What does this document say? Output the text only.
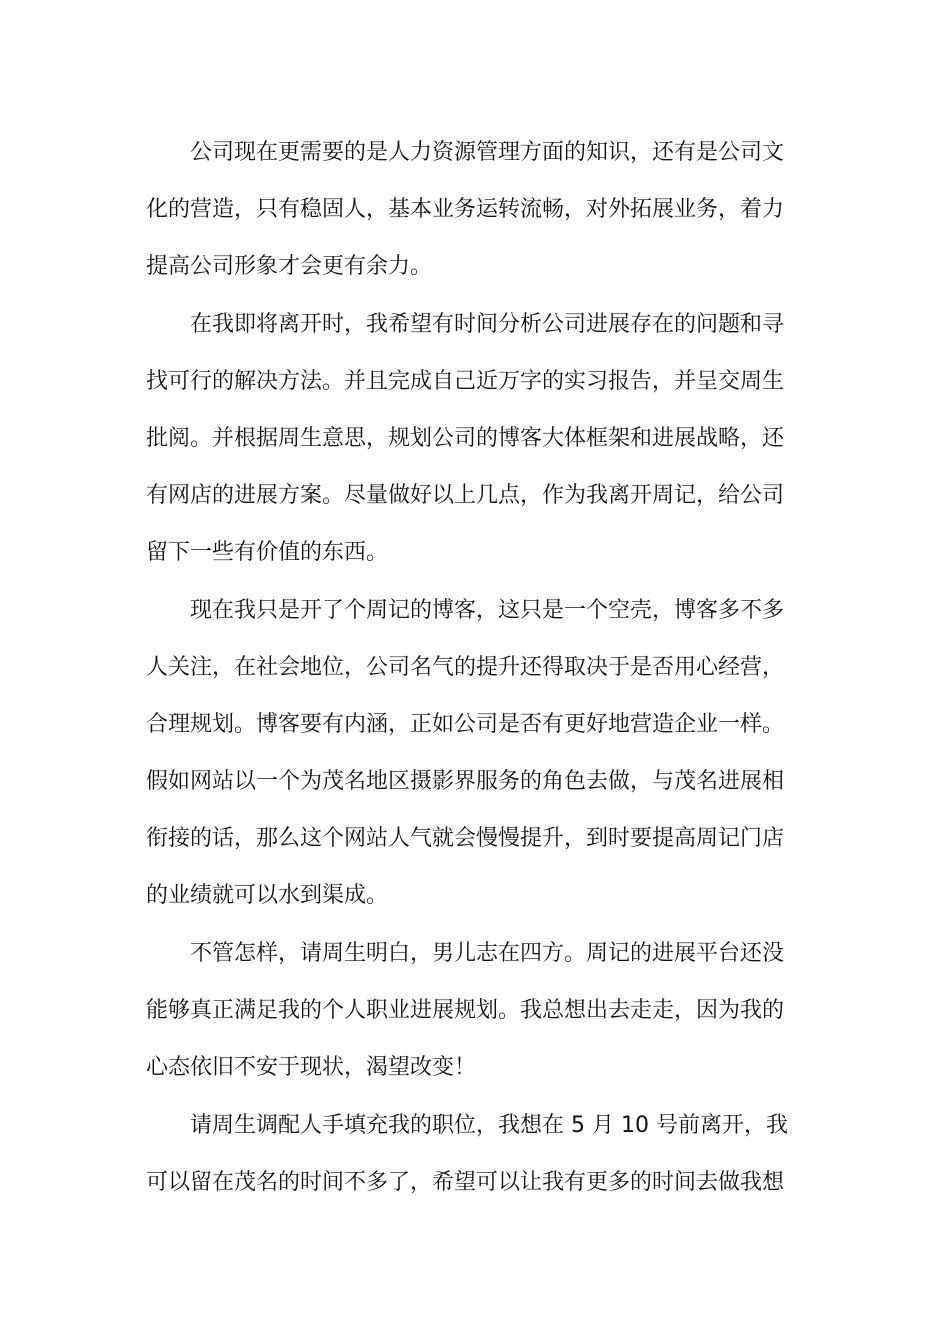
公司现在更需要的是人力资源管理方面的知识，还有是公司文
化的营造，只有稳固人，基本业务运转流畅，对外拓展业务，着力
提高公司形象才会更有余力。
在我即将离开时，我希望有时间分析公司进展存在的问题和寻
找可行的解决方法。并且完成自己近万字的实习报告，并呈交周生
批阅。并根据周生意思，规划公司的博客大体框架和进展战略，还
有网店的进展方案。尽量做好以上几点，作为我离开周记，给公司
留下一些有价值的东西。
现在我只是开了个周记的博客，这只是一个空壳，博客多不多
人关注，在社会地位，公司名气的提升还得取决于是否用心经营，
合理规划。博客要有内涵，正如公司是否有更好地营造企业一样。
假如网站以一个为茂名地区摄影界服务的角色去做，与茂名进展相
衔接的话，那么这个网站人气就会慢慢提升，到时要提高周记门店
的业绩就可以水到渠成。
不管怎样，请周生明白，男儿志在四方。周记的进展平台还没
能够真正满足我的个人职业进展规划。我总想出去走走，因为我的
心态依旧不安于现状，渴望改变！
请周生调配人手填充我的职位，我想在 5 月 10 号前离开，我
可以留在茂名的时间不多了，希望可以让我有更多的时间去做我想
